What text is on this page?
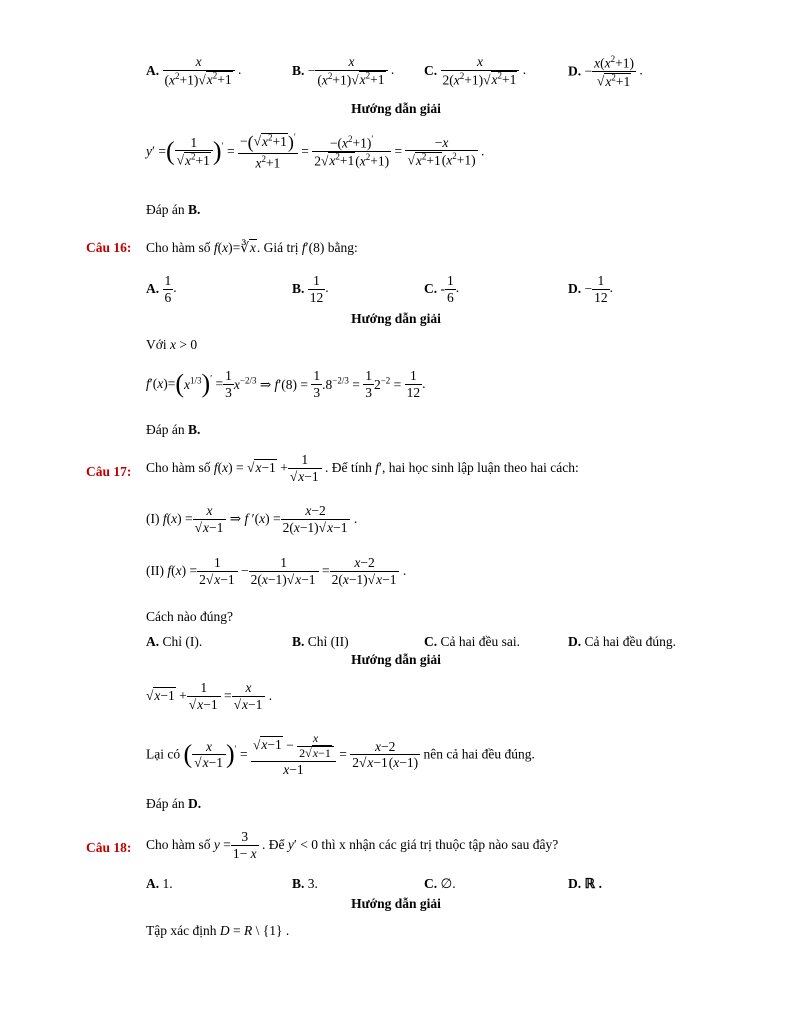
A. $\frac{x}{(x^2+1)√x^2+1}$ .	B. − $\frac{x}{(x^2+1)√x^2+1}$ . C. $\frac{x}{2(x^2+1)√x^2+1}$ .	D. − $\frac{x(x^2+1)}{√x^2+1}$ .
Hướng dẫn giải
y′ =( $\frac{1}{√x^2+1} )' = \frac{-(√x^2+1)'}{x^2+1} = \frac{-(x^2+1)'}{2√x^2+1(x^2+1)} = \frac{-x}{√x^2+1(x^2+1)}$ .
Đáp án B.
Câu 16: Cho hàm số f(x)=∛x. Giá trị f′(8) bằng:
A. $\frac{1}{6}$ .	B. $\frac{1}{12}$ .	C. - $\frac{1}{6}$ .	D. − $\frac{1}{12}$ .
Hướng dẫn giải
Với x > 0
$f'(x)=(x^{1/3})' = \frac{1}{3} x^{-2/3}$ ⇒ $f'(8) = \frac{1}{3} .8^{-2/3} = \frac{1}{3} 2^{-2} = \frac{1}{12}$ .
Đáp án B.
Câu 17: Cho hàm số $f(x) = √x-1 + \frac{1}{√x-1}$ . Để tính f′, hai học sinh lập luận theo hai cách:
(I) $f(x) = \frac{x}{√x-1}$ ⇒ f $'(x) = \frac{x-2}{2(x-1)√x-1}$ .
(II) $f(x) = \frac{1}{2√x-1} - \frac{1}{2(x-1)√x-1} = \frac{x-2}{2(x-1)√x-1}$ .
Cách nào đúng?
A. Chỉ (I).	B. Chỉ (II)	C. Cả hai đều sai.	D. Cả hai đều đúng.
Hướng dẫn giải
$√x-1 + \frac{1}{√x-1} = \frac{x}{√x-1}$ .
Lại có ( $\frac{x}{√x-1} )' = \frac{√x-1 - \frac{x}{2√x-1}}{x-1} = \frac{x-2}{2√x-1(x-1)}$ nên cả hai đều đúng.
Đáp án D.
Câu 18: Cho hàm số $y = \frac{3}{1- x}$ . Để y′ < 0 thì x nhận các giá trị thuộc tập nào sau đây?
A. 1.	B. 3.	C. ∅.	D. ℝ .
Hướng dẫn giải
Tập xác định D = R \ {1} .
